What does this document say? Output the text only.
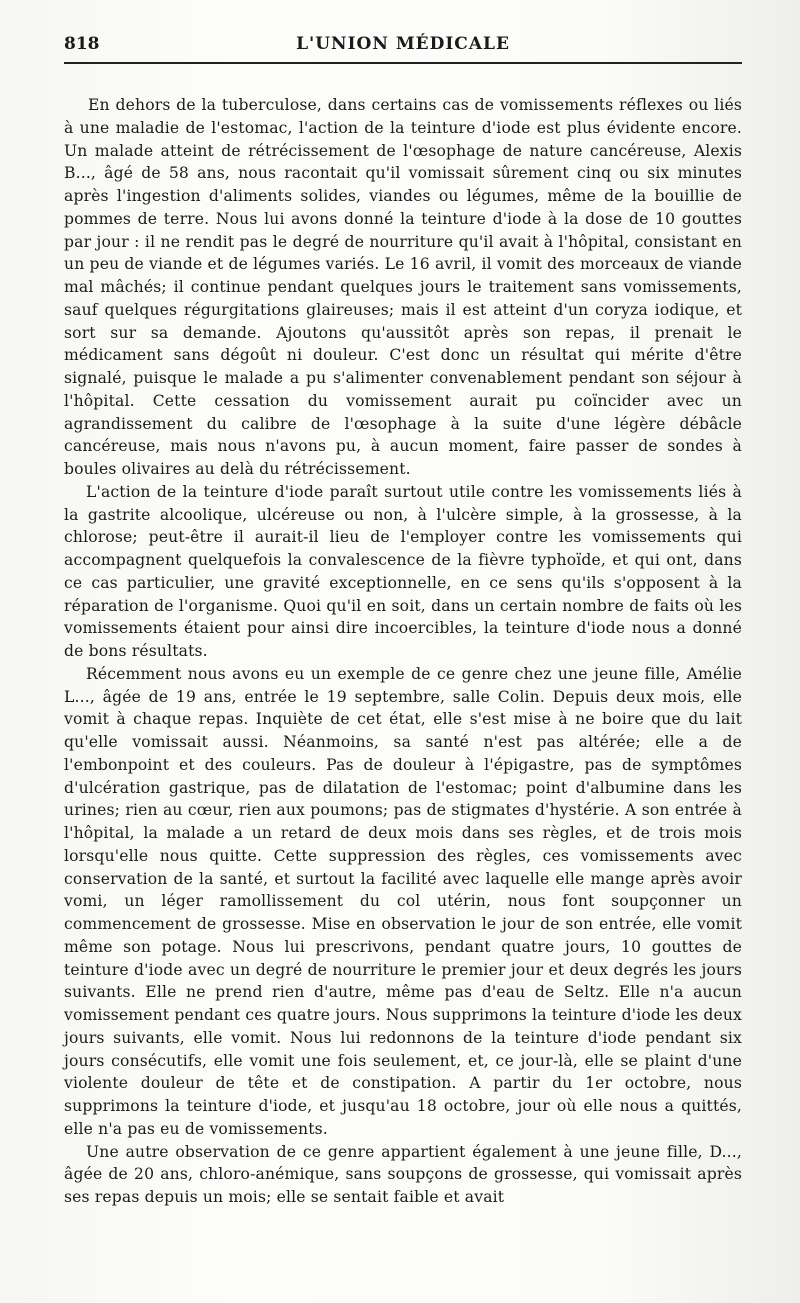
818	L'UNION MÉDICALE

En dehors de la tuberculose, dans certains cas de vomissements réflexes ou liés à une maladie de l'estomac, l'action de la teinture d'iode est plus évidente encore. Un malade atteint de rétrécissement de l'œsophage de nature cancéreuse, Alexis B..., âgé de 58 ans, nous racontait qu'il vomissait sûrement cinq ou six minutes après l'ingestion d'aliments solides, viandes ou légumes, même de la bouillie de pommes de terre. Nous lui avons donné la teinture d'iode à la dose de 10 gouttes par jour : il ne rendit pas le degré de nourriture qu'il avait à l'hôpital, consistant en un peu de viande et de légumes variés. Le 16 avril, il vomit des morceaux de viande mal mâchés; il continue pendant quelques jours le traitement sans vomissements, sauf quelques régurgitations glaireuses; mais il est atteint d'un coryza iodique, et sort sur sa demande. Ajoutons qu'aussitôt après son repas, il prenait le médicament sans dégoût ni douleur. C'est donc un résultat qui mérite d'être signalé, puisque le malade a pu s'alimenter convenablement pendant son séjour à l'hôpital. Cette cessation du vomissement aurait pu coïncider avec un agrandissement du calibre de l'œsophage à la suite d'une légère débâcle cancéreuse, mais nous n'avons pu, à aucun moment, faire passer de sondes à boules olivaires au delà du rétrécissement.

L'action de la teinture d'iode paraît surtout utile contre les vomissements liés à la gastrite alcoolique, ulcéreuse ou non, à l'ulcère simple, à la grossesse, à la chlorose; peut-être il aurait-il lieu de l'employer contre les vomissements qui accompagnent quelquefois la convalescence de la fièvre typhoïde, et qui ont, dans ce cas particulier, une gravité exceptionnelle, en ce sens qu'ils s'opposent à la réparation de l'organisme. Quoi qu'il en soit, dans un certain nombre de faits où les vomissements étaient pour ainsi dire incoercibles, la teinture d'iode nous a donné de bons résultats.

Récemment nous avons eu un exemple de ce genre chez une jeune fille, Amélie L..., âgée de 19 ans, entrée le 19 septembre, salle Colin. Depuis deux mois, elle vomit à chaque repas. Inquiète de cet état, elle s'est mise à ne boire que du lait qu'elle vomissait aussi. Néanmoins, sa santé n'est pas altérée; elle a de l'embonpoint et des couleurs. Pas de douleur à l'épigastre, pas de symptômes d'ulcération gastrique, pas de dilatation de l'estomac; point d'albumine dans les urines; rien au cœur, rien aux poumons; pas de stigmates d'hystérie. A son entrée à l'hôpital, la malade a un retard de deux mois dans ses règles, et de trois mois lorsqu'elle nous quitte. Cette suppression des règles, ces vomissements avec conservation de la santé, et surtout la facilité avec laquelle elle mange après avoir vomi, un léger ramollissement du col utérin, nous font soupçonner un commencement de grossesse. Mise en observation le jour de son entrée, elle vomit même son potage. Nous lui prescrivons, pendant quatre jours, 10 gouttes de teinture d'iode avec un degré de nourriture le premier jour et deux degrés les jours suivants. Elle ne prend rien d'autre, même pas d'eau de Seltz. Elle n'a aucun vomissement pendant ces quatre jours. Nous supprimons la teinture d'iode les deux jours suivants, elle vomit. Nous lui redonnons de la teinture d'iode pendant six jours consécutifs, elle vomit une fois seulement, et, ce jour-là, elle se plaint d'une violente douleur de tête et de constipation. A partir du 1er octobre, nous supprimons la teinture d'iode, et jusqu'au 18 octobre, jour où elle nous a quittés, elle n'a pas eu de vomissements.

Une autre observation de ce genre appartient également à une jeune fille, D..., âgée de 20 ans, chloro-anémique, sans soupçons de grossesse, qui vomissait après ses repas depuis un mois; elle se sentait faible et avait
